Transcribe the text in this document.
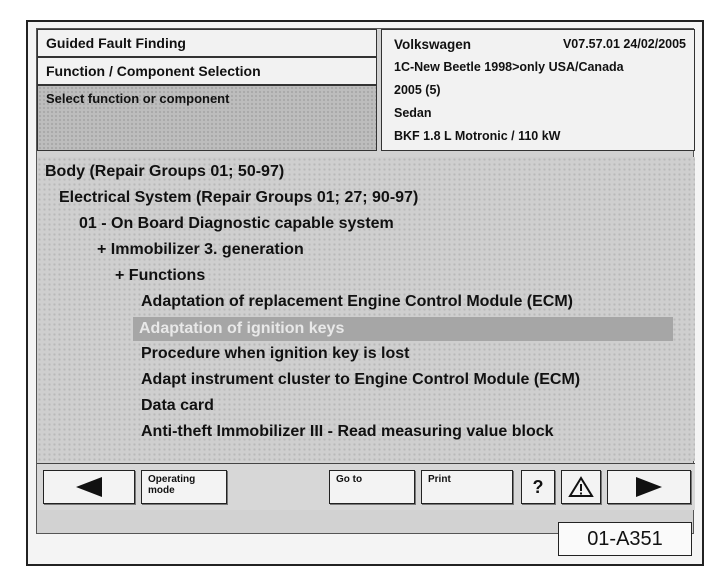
Guided Fault Finding
Function / Component Selection
Select function or component
Volkswagen	V07.57.01 24/02/2005
1C-New Beetle 1998>only USA/Canada
2005 (5)
Sedan
BKF 1.8 L Motronic / 110 kW
Body (Repair Groups 01; 50-97)
Electrical System (Repair Groups 01; 27; 90-97)
01 - On Board Diagnostic capable system
+ Immobilizer 3. generation
+ Functions
Adaptation of replacement Engine Control Module (ECM)
Adaptation of ignition keys
Procedure when ignition key is lost
Adapt instrument cluster to Engine Control Module (ECM)
Data card
Anti-theft Immobilizer III - Read measuring value block
Operating mode
Go to	Print	?
01-A351
